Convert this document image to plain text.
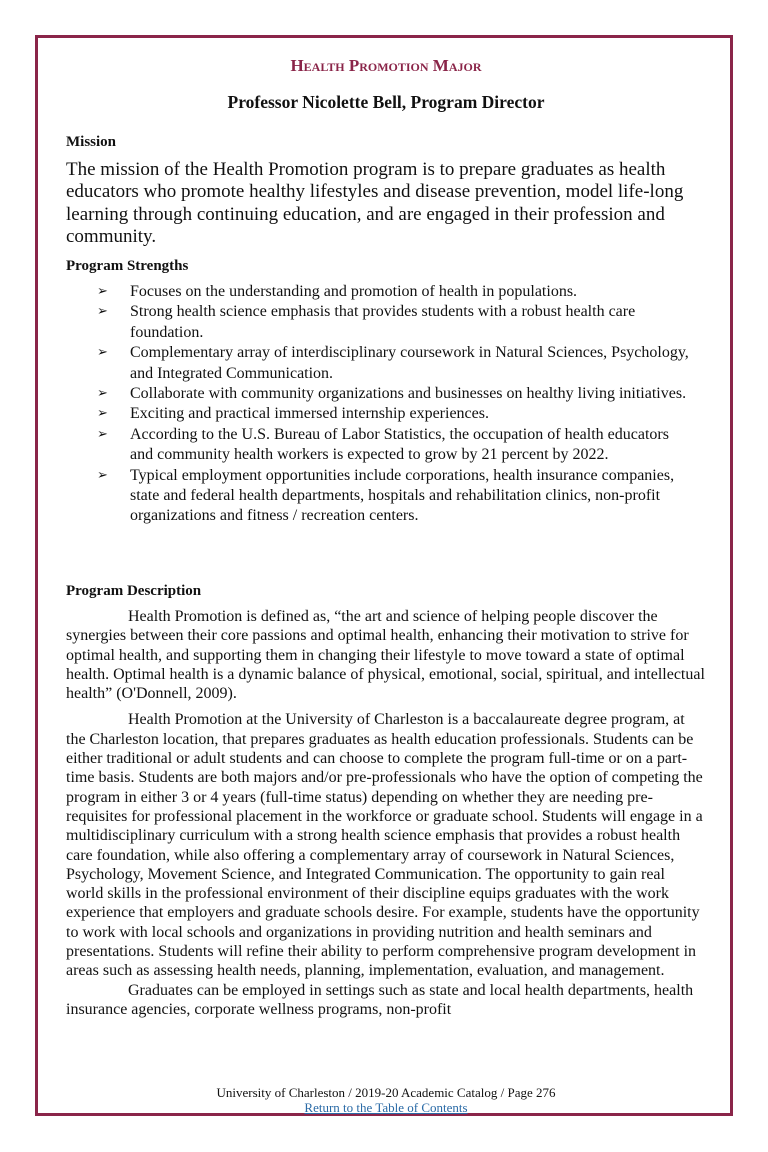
Health Promotion Major
Professor Nicolette Bell, Program Director
Mission

The mission of the Health Promotion program is to prepare graduates as health educators who promote healthy lifestyles and disease prevention, model life-long learning through continuing education, and are engaged in their profession and community.

Program Strengths
➢ Focuses on the understanding and promotion of health in populations.
➢ Strong health science emphasis that provides students with a robust health care foundation.
➢ Complementary array of interdisciplinary coursework in Natural Sciences, Psychology, and Integrated Communication.
➢ Collaborate with community organizations and businesses on healthy living initiatives.
➢ Exciting and practical immersed internship experiences.
➢ According to the U.S. Bureau of Labor Statistics, the occupation of health educators and community health workers is expected to grow by 21 percent by 2022.
➢ Typical employment opportunities include corporations, health insurance companies, state and federal health departments, hospitals and rehabilitation clinics, non-profit organizations and fitness / recreation centers.
Program Description

Health Promotion is defined as, “the art and science of helping people discover the synergies between their core passions and optimal health, enhancing their motivation to strive for optimal health, and supporting them in changing their lifestyle to move toward a state of optimal health. Optimal health is a dynamic balance of physical, emotional, social, spiritual, and intellectual health” (O'Donnell, 2009).

Health Promotion at the University of Charleston is a baccalaureate degree program, at the Charleston location, that prepares graduates as health education professionals. Students can be either traditional or adult students and can choose to complete the program full-time or on a part-time basis. Students are both majors and/or pre-professionals who have the option of competing the program in either 3 or 4 years (full-time status) depending on whether they are needing pre-requisites for professional placement in the workforce or graduate school. Students will engage in a multidisciplinary curriculum with a strong health science emphasis that provides a robust health care foundation, while also offering a complementary array of coursework in Natural Sciences, Psychology, Movement Science, and Integrated Communication. The opportunity to gain real world skills in the professional environment of their discipline equips graduates with the work experience that employers and graduate schools desire. For example, students have the opportunity to work with local schools and organizations in providing nutrition and health seminars and presentations. Students will refine their ability to perform comprehensive program development in areas such as assessing health needs, planning, implementation, evaluation, and management.

Graduates can be employed in settings such as state and local health departments, health insurance agencies, corporate wellness programs, non-profit

University of Charleston / 2019-20 Academic Catalog / Page 276
Return to the Table of Contents
